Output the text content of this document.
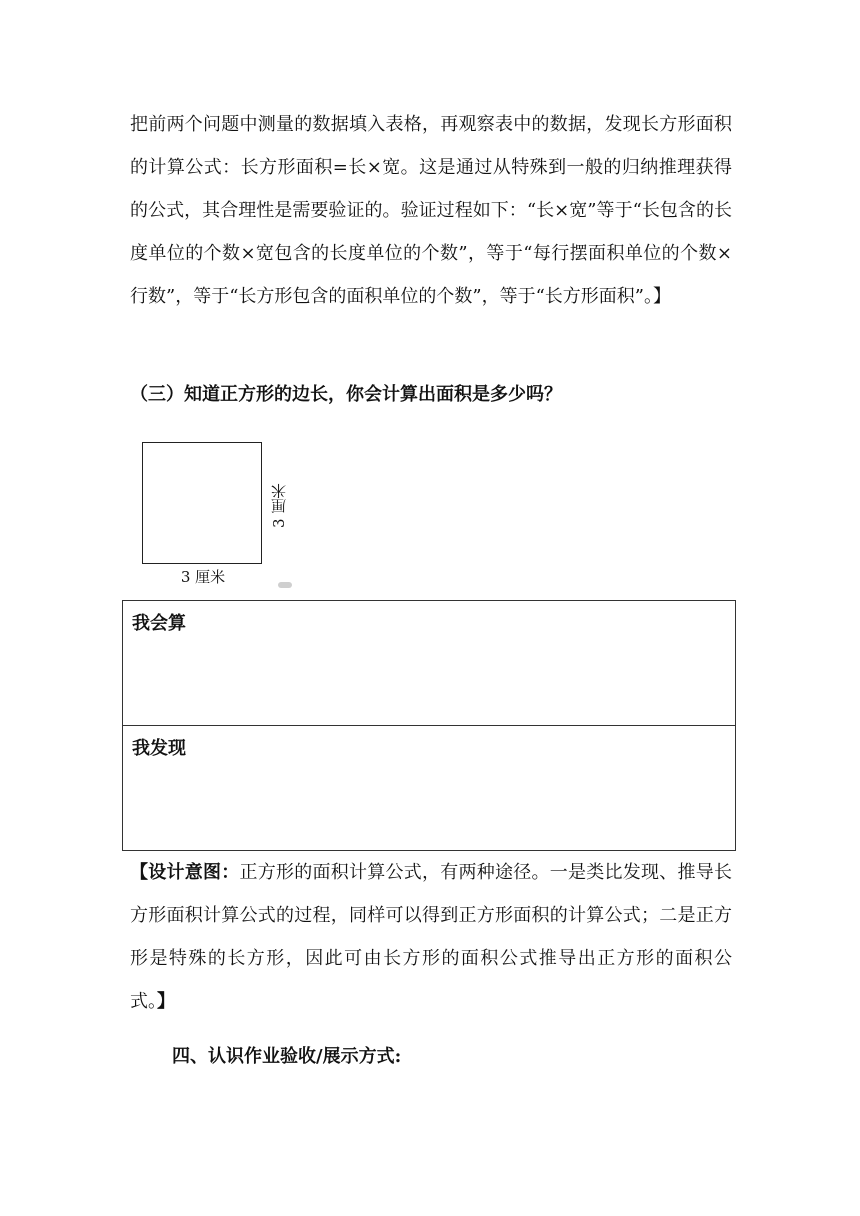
把前两个问题中测量的数据填入表格，再观察表中的数据，发现长方形面积的计算公式：长方形面积=长×宽。这是通过从特殊到一般的归纳推理获得的公式，其合理性是需要验证的。验证过程如下：“长×宽”等于“长包含的长度单位的个数×宽包含的长度单位的个数”，等于“每行摆面积单位的个数×行数”，等于“长方形包含的面积单位的个数”，等于“长方形面积”。】

（三）知道正方形的边长，你会计算出面积是多少吗？

3 厘米
3 厘米
我会算
我发现

【设计意图：正方形的面积计算公式，有两种途径。一是类比发现、推导长方形面积计算公式的过程，同样可以得到正方形面积的计算公式；二是正方形是特殊的长方形，因此可由长方形的面积公式推导出正方形的面积公式。】

四、认识作业验收/展示方式:
